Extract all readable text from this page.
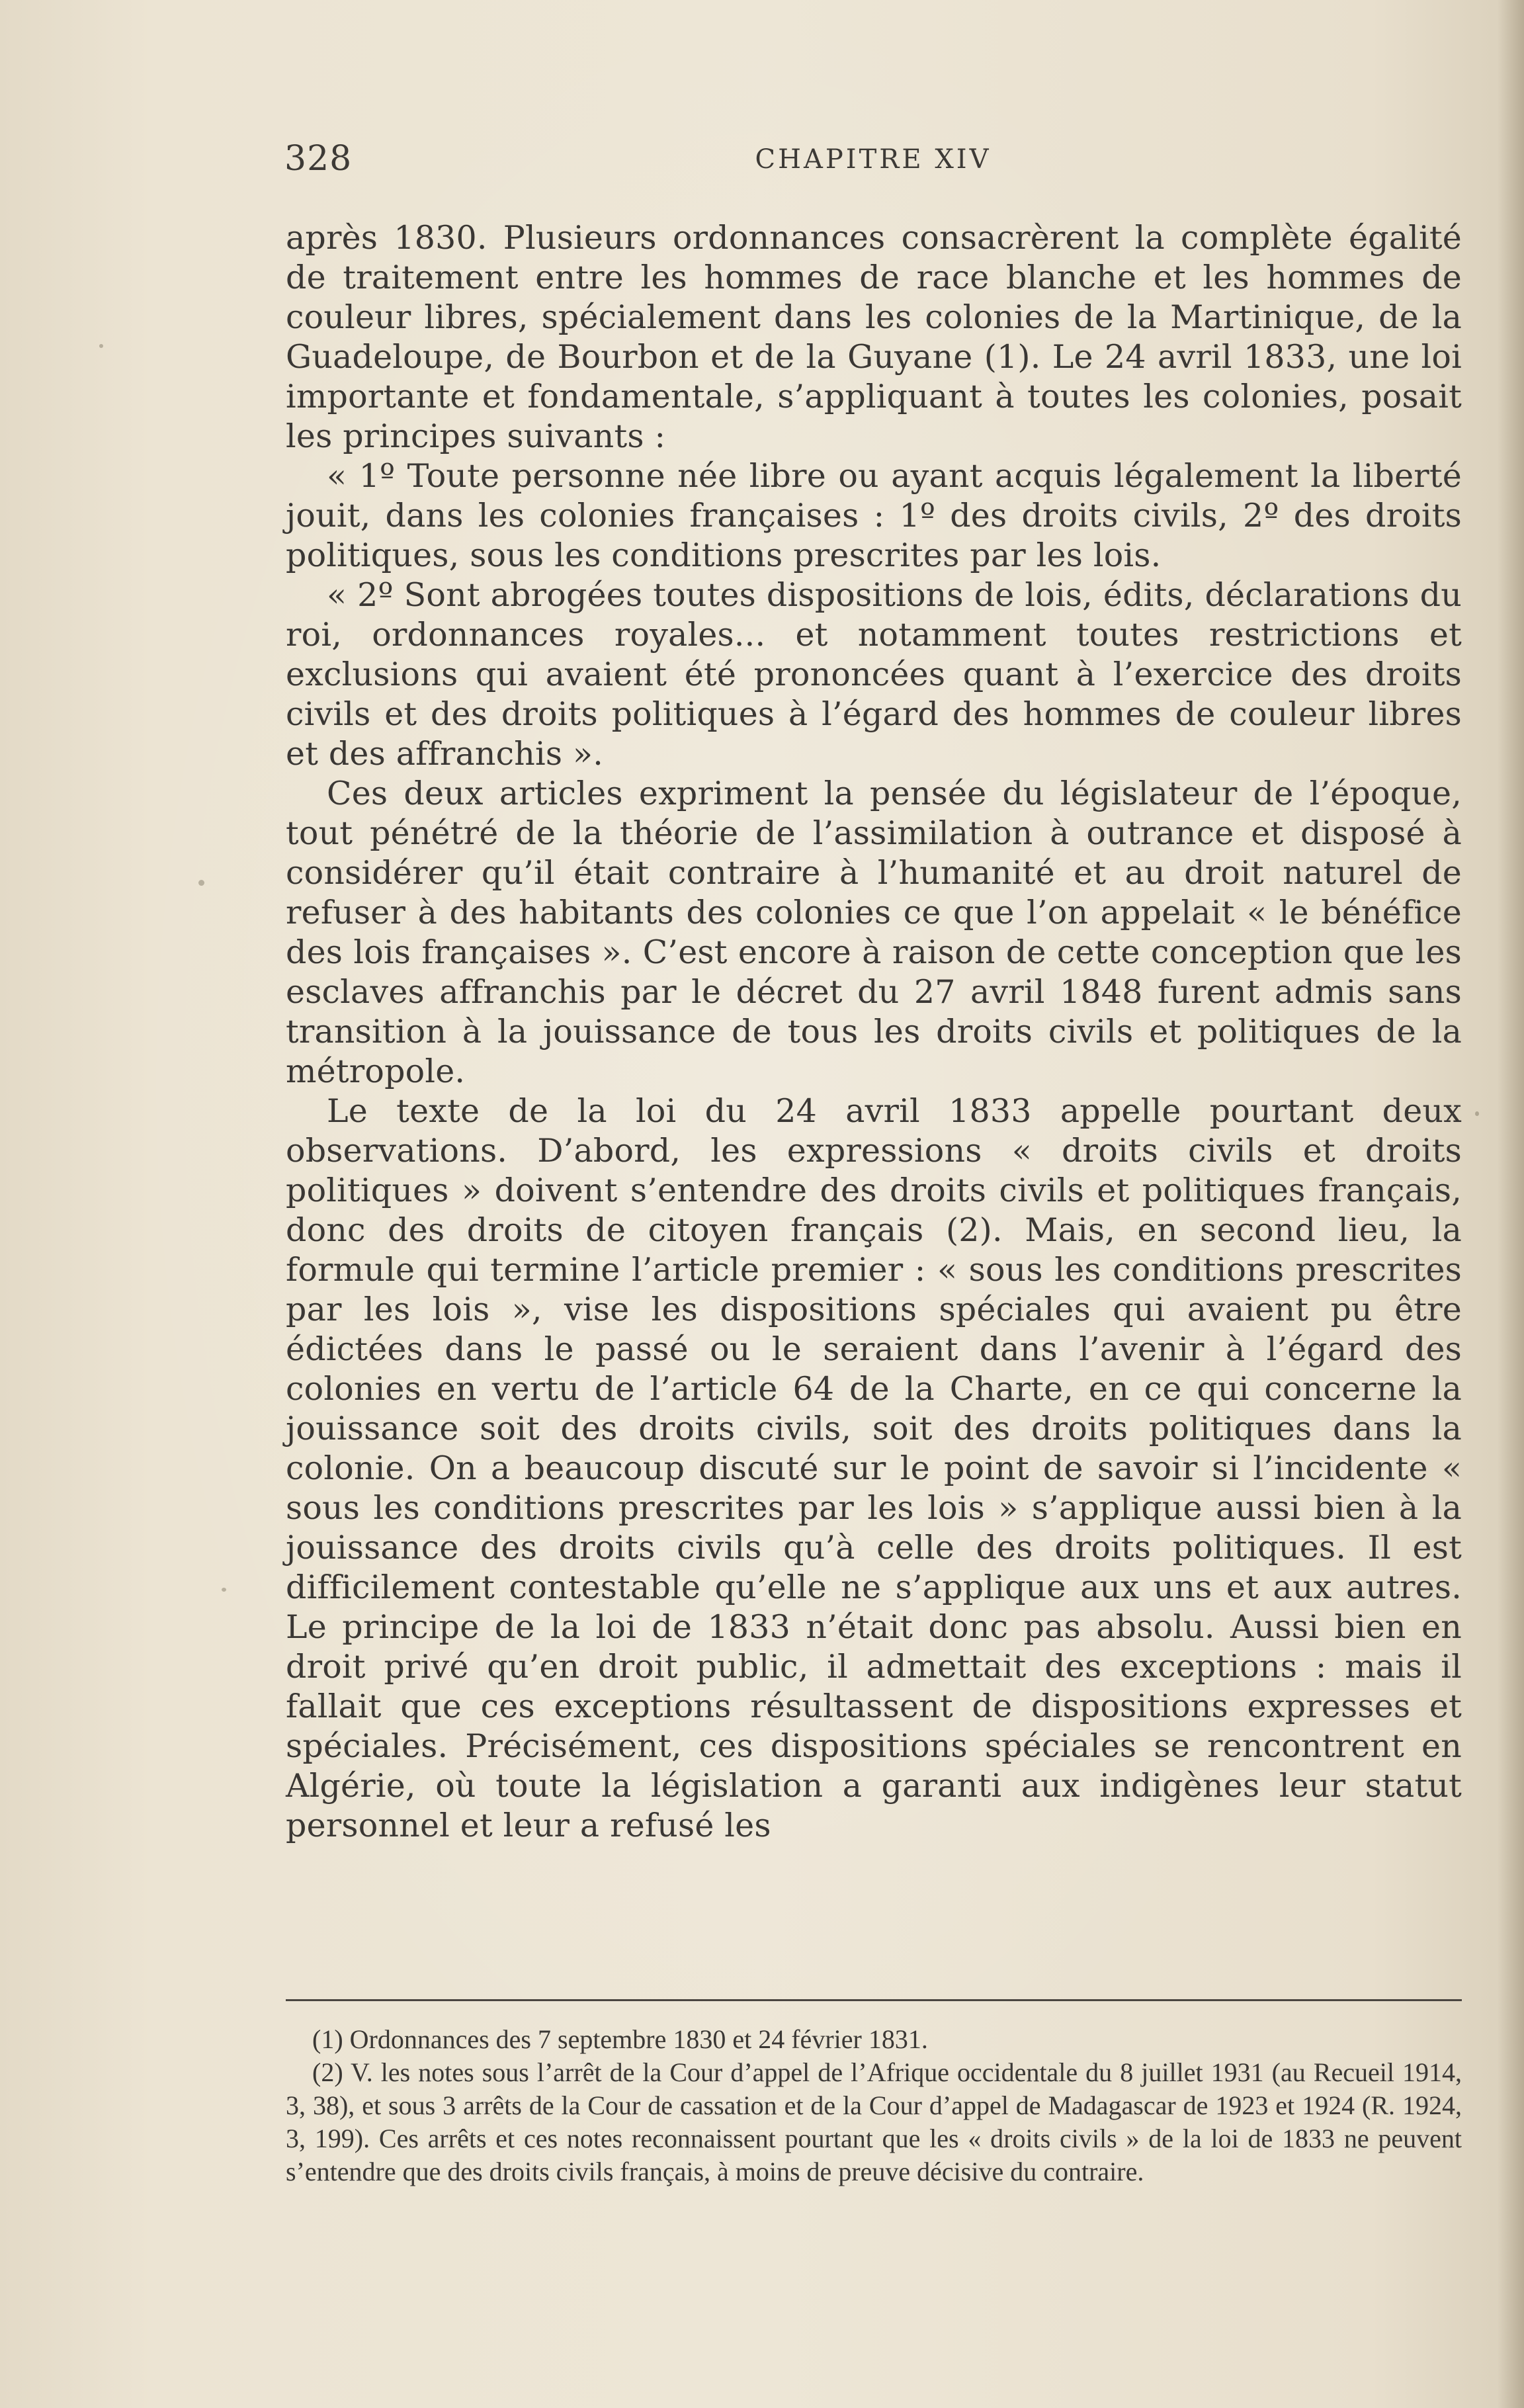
328	CHAPITRE XIV

après 1830. Plusieurs ordonnances consacrèrent la complète égalité de traitement entre les hommes de race blanche et les hommes de couleur libres, spécialement dans les colonies de la Martinique, de la Guadeloupe, de Bourbon et de la Guyane (1). Le 24 avril 1833, une loi importante et fondamentale, s’appliquant à toutes les colonies, posait les principes suivants :

« 1º Toute personne née libre ou ayant acquis légalement la liberté jouit, dans les colonies françaises : 1º des droits civils, 2º des droits politiques, sous les conditions prescrites par les lois.

« 2º Sont abrogées toutes dispositions de lois, édits, déclarations du roi, ordonnances royales... et notamment toutes restrictions et exclusions qui avaient été prononcées quant à l’exercice des droits civils et des droits politiques à l’égard des hommes de couleur libres et des affranchis ».

Ces deux articles expriment la pensée du législateur de l’époque, tout pénétré de la théorie de l’assimilation à outrance et disposé à considérer qu’il était contraire à l’humanité et au droit naturel de refuser à des habitants des colonies ce que l’on appelait « le bénéfice des lois françaises ». C’est encore à raison de cette conception que les esclaves affranchis par le décret du 27 avril 1848 furent admis sans transition à la jouissance de tous les droits civils et politiques de la métropole.

Le texte de la loi du 24 avril 1833 appelle pourtant deux observations. D’abord, les expressions « droits civils et droits politiques » doivent s’entendre des droits civils et politiques français, donc des droits de citoyen français (2). Mais, en second lieu, la formule qui termine l’article premier : « sous les conditions prescrites par les lois », vise les dispositions spéciales qui avaient pu être édictées dans le passé ou le seraient dans l’avenir à l’égard des colonies en vertu de l’article 64 de la Charte, en ce qui concerne la jouissance soit des droits civils, soit des droits politiques dans la colonie. On a beaucoup discuté sur le point de savoir si l’incidente « sous les conditions prescrites par les lois » s’applique aussi bien à la jouissance des droits civils qu’à celle des droits politiques. Il est difficilement contestable qu’elle ne s’applique aux uns et aux autres. Le principe de la loi de 1833 n’était donc pas absolu. Aussi bien en droit privé qu’en droit public, il admettait des exceptions : mais il fallait que ces exceptions résultassent de dispositions expresses et spéciales. Précisément, ces dispositions spéciales se rencontrent en Algérie, où toute la législation a garanti aux indigènes leur statut personnel et leur a refusé les

(1) Ordonnances des 7 septembre 1830 et 24 février 1831.

(2) V. les notes sous l’arrêt de la Cour d’appel de l’Afrique occidentale du 8 juillet 1931 (au Recueil 1914, 3, 38), et sous 3 arrêts de la Cour de cassation et de la Cour d’appel de Madagascar de 1923 et 1924 (R. 1924, 3, 199). Ces arrêts et ces notes reconnaissent pourtant que les « droits civils » de la loi de 1833 ne peuvent s’entendre que des droits civils français, à moins de preuve décisive du contraire.
